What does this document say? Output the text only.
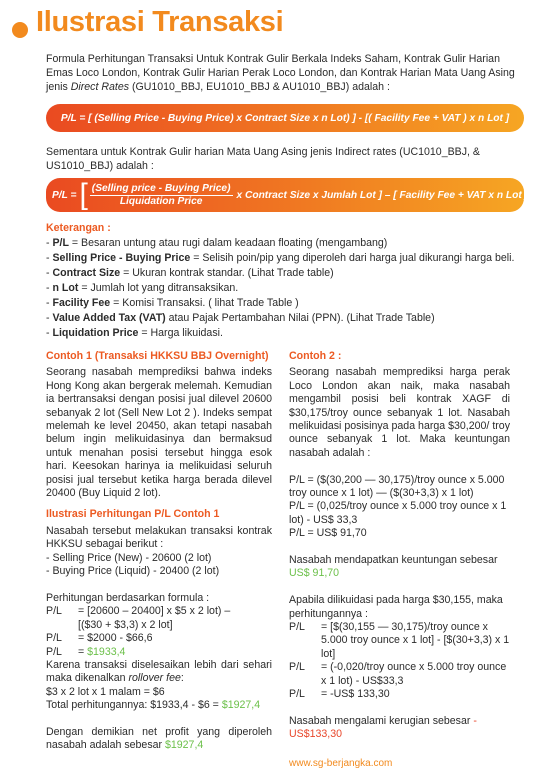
Ilustrasi Transaksi
Formula Perhitungan Transaksi Untuk Kontrak Gulir Berkala Indeks Saham, Kontrak Gulir Harian Emas Loco London, Kontrak Gulir Harian Perak Loco London, dan Kontrak Harian Mata Uang Asing jenis Direct Rates (GU1010_BBJ, EU1010_BBJ & AU1010_BBJ) adalah :
P/L = [ (Selling Price - Buying Price) x Contract Size x n Lot) ] - [( Facility Fee + VAT ) x n Lot ]
Sementara untuk Kontrak Gulir harian Mata Uang Asing jenis Indirect rates (UC1010_BBJ, & US1010_BBJ) adalah :
P/L = [ $\frac{\text{(Selling price - Buying Price)}}{\text{Liquidation Price}}$ x Contract Size x Jumlah Lot ] – [ Facility Fee + VAT x n Lot ]
Keterangan :
- P/L = Besaran untung atau rugi dalam keadaan floating (mengambang)
- Selling Price - Buying Price = Selisih poin/pip yang diperoleh dari harga jual dikurangi harga beli.
- Contract Size = Ukuran kontrak standar. (Lihat Trade table)
- n Lot = Jumlah lot yang ditransaksikan.
- Facility Fee = Komisi Transaksi. ( lihat Trade Table )
- Value Added Tax (VAT) atau Pajak Pertambahan Nilai (PPN). (Lihat Trade Table)
- Liquidation Price = Harga likuidasi.
Contoh 1 (Transaksi HKKSU BBJ Overnight)
Seorang nasabah memprediksi bahwa indeks Hong Kong akan bergerak melemah. Kemudian ia bertransaksi dengan posisi jual dilevel 20600 sebanyak 2 lot (Sell New Lot 2 ). Indeks sempat melemah ke level 20450, akan tetapi nasabah belum ingin melikuidasinya dan bermaksud untuk menahan posisi tersebut hingga esok hari. Keesokan harinya ia melikuidasi seluruh posisi jual tersebut ketika harga berada dilevel 20400 (Buy Liquid 2 lot).
Ilustrasi Perhitungan P/L Contoh 1
Nasabah tersebut melakukan transaksi kontrak HKKSU sebagai berikut :
- Selling Price (New) - 20600 (2 lot)
- Buying Price (Liquid) - 20400 (2 lot)
Perhitungan berdasarkan formula :
P/L	= [20600 – 20400] x $5 x 2 lot) –
[($30 + $3,3) x 2 lot]
P/L	= $2000 - $66,6
P/L	= $1933,4
Karena transaksi diselesaikan lebih dari sehari maka dikenalkan rollover fee:
$3 x 2 lot x 1 malam = $6
Total perhitungannya: $1933,4 - $6 = $1927,4
Dengan demikian net profit yang diperoleh nasabah adalah sebesar $1927,4
Contoh 2 :
Seorang nasabah memprediksi harga perak Loco London akan naik, maka nasabah mengambil posisi beli kontrak XAGF di $30,175/troy ounce sebanyak 1 lot. Nasabah melikuidasi posisinya pada harga $30,200/ troy ounce sebanyak 1 lot. Maka keuntungan nasabah adalah :
P/L = ($(30,200 — 30,175)/troy ounce x 5.000 troy ounce x 1 lot) — ($(30+3,3) x 1 lot)
P/L = (0,025/troy ounce x 5.000 troy ounce x 1 lot) - US$ 33,3
P/L = US$ 91,70
Nasabah mendapatkan keuntungan sebesar US$ 91,70
Apabila dilikuidasi pada harga $30,155, maka perhitungannya :
P/L	= [$(30,155 — 30,175)/troy ounce x 5.000 troy ounce x 1 lot] - [$(30+3,3) x 1 lot]
P/L	= (-0,020/troy ounce x 5.000 troy ounce x 1 lot) - US$33,3
P/L	= -US$ 133,30
Nasabah mengalami kerugian sebesar -US$133,30
www.sg-berjangka.com
